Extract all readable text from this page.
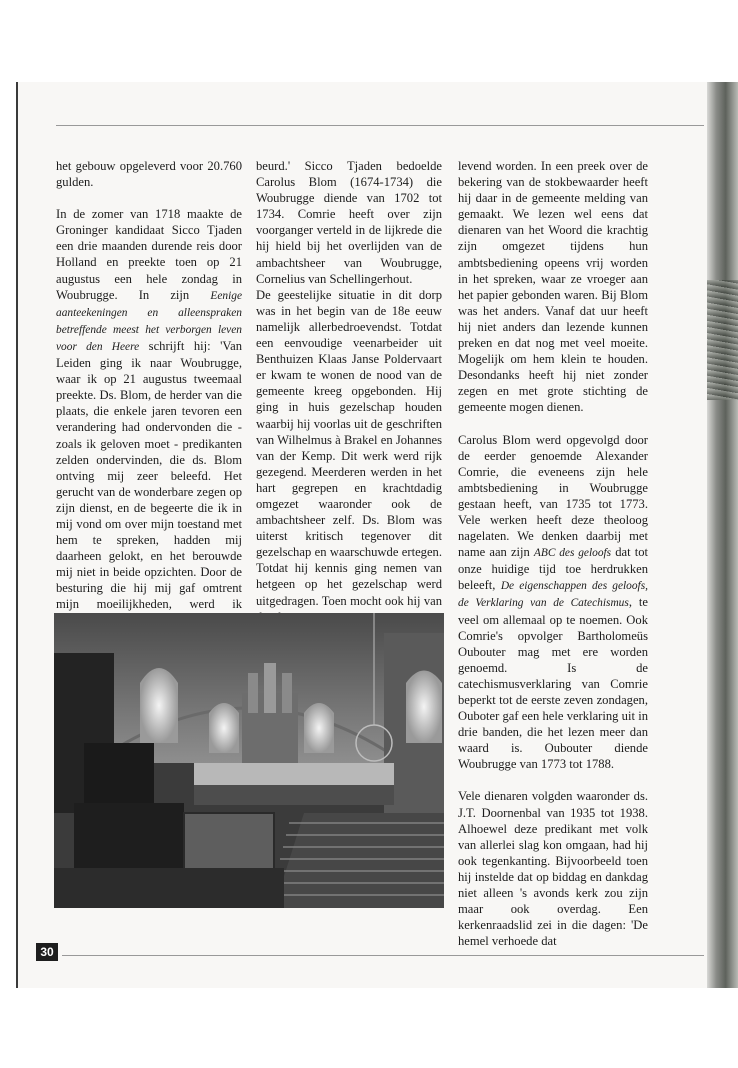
het gebouw opgeleverd voor 20.760 gulden.

In de zomer van 1718 maakte de Groninger kandidaat Sicco Tjaden een drie maanden durende reis door Holland en preekte toen op 21 augustus een hele zondag in Woubrugge. In zijn Eenige aanteekeningen en alleenspraken betreffende meest het verborgen leven voor den Heere schrijft hij: 'Van Leiden ging ik naar Woubrugge, waar ik op 21 augustus tweemaal preekte. Ds. Blom, de herder van die plaats, die enkele jaren tevoren een verandering had ondervonden die - zoals ik geloven moet - predikanten zelden ondervinden, die ds. Blom ontving mij zeer beleefd. Het gerucht van de wonderbare zegen op zijn dienst, en de begeerte die ik in mij vond om over mijn toestand met hem te spreken, hadden mij daarheen gelokt, en het berouwde mij niet in beide opzichten. Door de besturing die hij mij gaf omtrent mijn moeilijkheden, werd ik

beurd.' Sicco Tjaden bedoelde Carolus Blom (1674-1734) die Woubrugge diende van 1702 tot 1734. Comrie heeft over zijn voorganger verteld in de lijkrede die hij hield bij het overlijden van de ambachtsheer van Woubrugge, Cornelius van Schellingerhout.

De geestelijke situatie in dit dorp was in het begin van de 18e eeuw namelijk allerbedroevendst. Totdat een eenvoudige veenarbeider uit Benthuizen Klaas Janse Poldervaart er kwam te wonen de nood van de gemeente kreeg opgebonden. Hij ging in huis gezelschap houden waarbij hij voorlas uit de geschriften van Wilhelmus à Brakel en Johannes van der Kemp. Dit werk werd rijk gezegend. Meerderen werden in het hart gegrepen en krachtdadig omgezet waaronder ook de ambachtsheer zelf. Ds. Blom was uiterst kritisch tegenover dit gezelschap en waarschuwde ertegen. Totdat hij kennis ging nemen van hetgeen op het gezelschap werd uitgedragen. Toen mocht ook hij van

levend worden. In een preek over de bekering van de stokbewaarder heeft hij daar in de gemeente melding van gemaakt. We lezen wel eens dat dienaren van het Woord die krachtig zijn omgezet tijdens hun ambtsbediening opeens vrij worden in het spreken, waar ze vroeger aan het papier gebonden waren. Bij Blom was het anders. Vanaf dat uur heeft hij niet anders dan lezende kunnen preken en dat nog met veel moeite. Mogelijk om hem klein te houden. Desondanks heeft hij niet zonder zegen en met grote stichting de gemeente mogen dienen.

Carolus Blom werd opgevolgd door de eerder genoemde Alexander Comrie, die eveneens zijn hele ambtsbediening in Woubrugge gestaan heeft, van 1735 tot 1773. Vele werken heeft deze theoloog nagelaten. We denken daarbij met name aan zijn ABC des geloofs dat tot onze huidige tijd toe herdrukken beleeft, De eigenschappen des geloofs, de Verklaring van de Catechismus, te veel om allemaal op te noemen. Ook Comrie's opvolger Bartholomeüs Oubouter mag met ere worden genoemd. Is de catechismusverklaring van Comrie beperkt tot de eerste zeven zondagen, Ouboter gaf een hele verklaring uit in drie banden, die het lezen meer dan waard is. Oubouter diende Woubrugge van 1773 tot 1788.

Vele dienaren volgden waaronder ds. J.T. Doornenbal van 1935 tot 1938. Alhoewel deze predikant met volk van allerlei slag kon omgaan, had hij ook tegenkanting. Bijvoorbeeld toen hij instelde dat op biddag en dankdag niet alleen 's avonds kerk zou zijn maar ook overdag. Een kerkenraadslid zei in die dagen: 'De hemel verhoede dat

30
